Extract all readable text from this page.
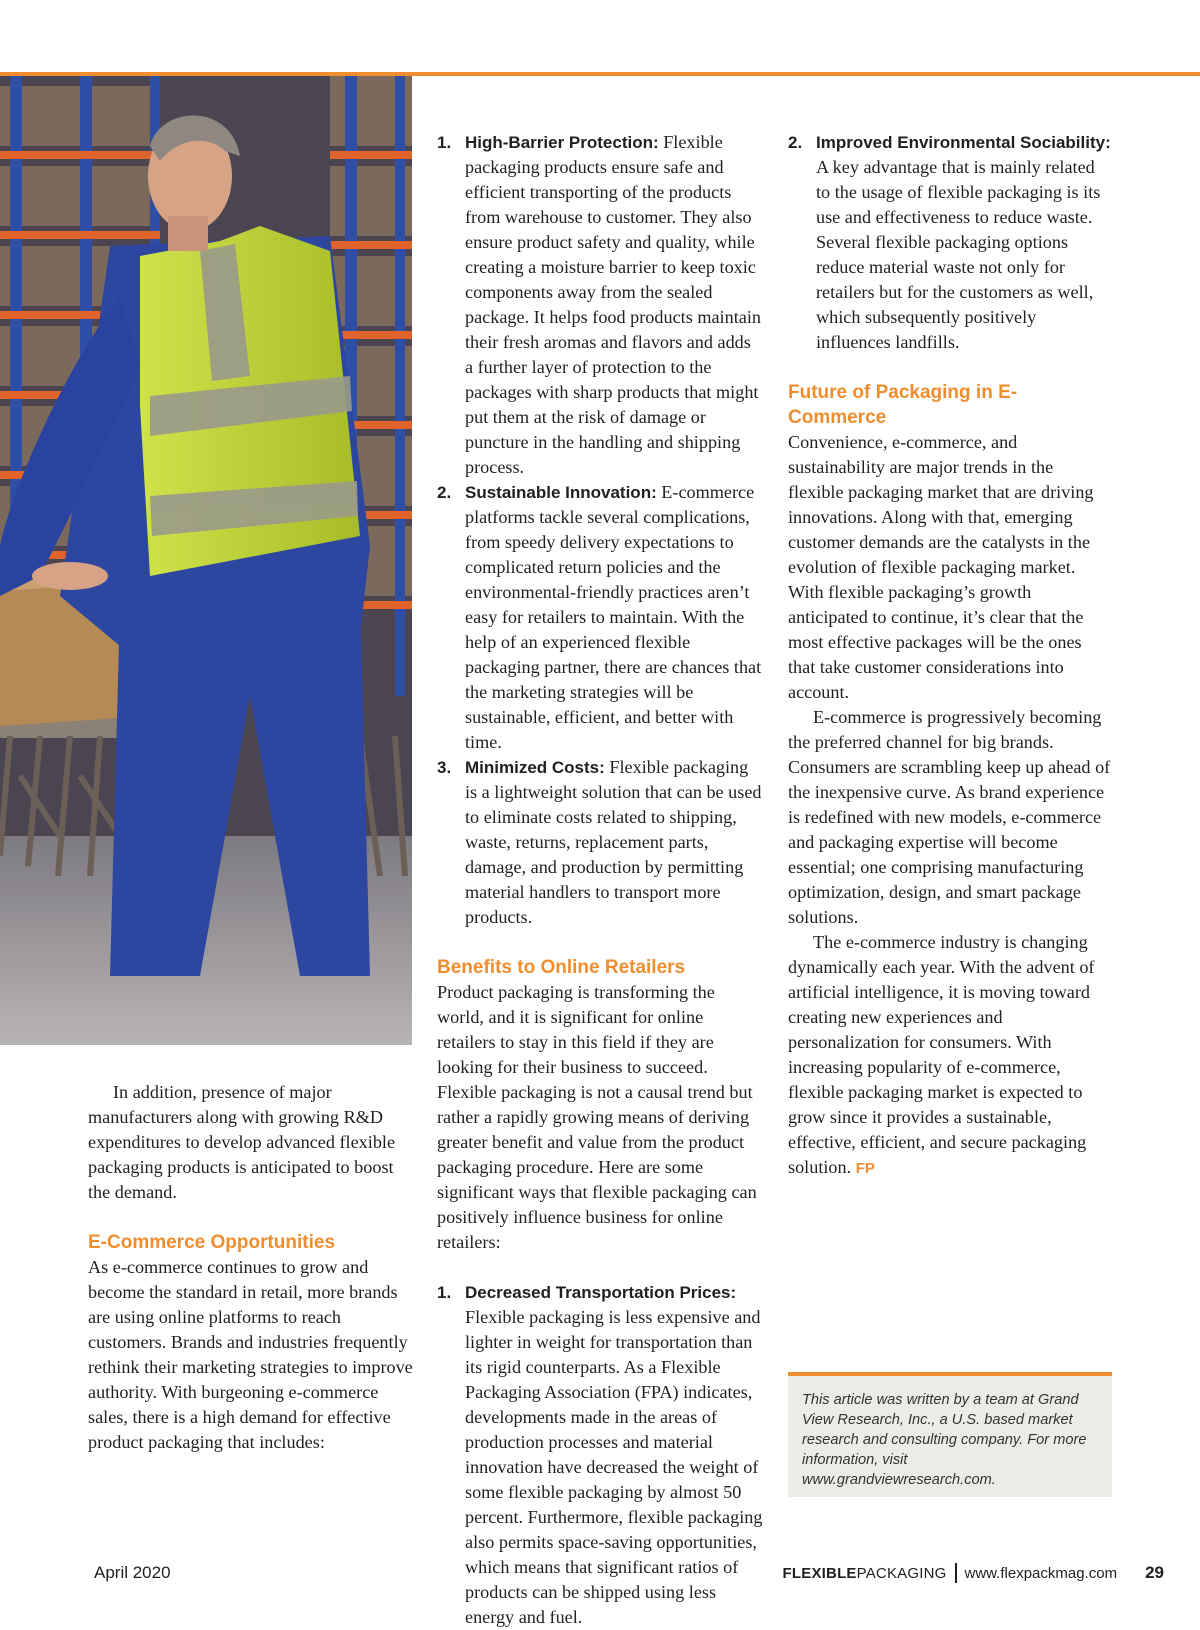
In addition, presence of major manufacturers along with growing R&D expenditures to develop advanced flexible packaging products is anticipated to boost the demand.

E-Commerce Opportunities

As e-commerce continues to grow and become the standard in retail, more brands are using online platforms to reach customers. Brands and industries frequently rethink their marketing strategies to improve authority. With burgeoning e-commerce sales, there is a high demand for effective product packaging that includes:

1. High-Barrier Protection: Flexible packaging products ensure safe and efficient transporting of the products from warehouse to customer. They also ensure product safety and quality, while creating a moisture barrier to keep toxic components away from the sealed package. It helps food products maintain their fresh aromas and flavors and adds a further layer of protection to the packages with sharp products that might put them at the risk of damage or puncture in the handling and shipping process.
2. Sustainable Innovation: E-commerce platforms tackle several complications, from speedy delivery expectations to complicated return policies and the environmental-friendly practices aren’t easy for retailers to maintain. With the help of an experienced flexible packaging partner, there are chances that the marketing strategies will be sustainable, efficient, and better with time.
3. Minimized Costs: Flexible packaging is a lightweight solution that can be used to eliminate costs related to shipping, waste, returns, replacement parts, damage, and production by permitting material handlers to transport more products.
Benefits to Online Retailers

Product packaging is transforming the world, and it is significant for online retailers to stay in this field if they are looking for their business to succeed. Flexible packaging is not a causal trend but rather a rapidly growing means of deriving greater benefit and value from the product packaging procedure. Here are some significant ways that flexible packaging can positively influence business for online retailers:

1. Decreased Transportation Prices: Flexible packaging is less expensive and lighter in weight for transportation than its rigid counterparts. As a Flexible Packaging Association (FPA) indicates, developments made in the areas of production processes and material innovation have decreased the weight of some flexible packaging by almost 50 percent. Furthermore, flexible packaging also permits space-saving opportunities, which means that significant ratios of products can be shipped using less energy and fuel.
2. Improved Environmental Sociability: A key advantage that is mainly related to the usage of flexible packaging is its use and effectiveness to reduce waste. Several flexible packaging options reduce material waste not only for retailers but for the customers as well, which subsequently positively influences landfills.
Future of Packaging in E-Commerce

Convenience, e-commerce, and sustainability are major trends in the flexible packaging market that are driving innovations. Along with that, emerging customer demands are the catalysts in the evolution of flexible packaging market. With flexible packaging’s growth anticipated to continue, it’s clear that the most effective packages will be the ones that take customer considerations into account.

E-commerce is progressively becoming the preferred channel for big brands. Consumers are scrambling keep up ahead of the inexpensive curve. As brand experience is redefined with new models, e-commerce and packaging expertise will become essential; one comprising manufacturing optimization, design, and smart package solutions.

The e-commerce industry is changing dynamically each year. With the advent of artificial intelligence, it is moving toward creating new experiences and personalization for consumers. With increasing popularity of e-commerce, flexible packaging market is expected to grow since it provides a sustainable, effective, efficient, and secure packaging solution. FP

This article was written by a team at Grand View Research, Inc., a U.S. based market research and consulting company. For more information, visit www.grandviewresearch.com.
April 2020	FLEXIBLE PACKAGING www.flexpackmag.com 29
